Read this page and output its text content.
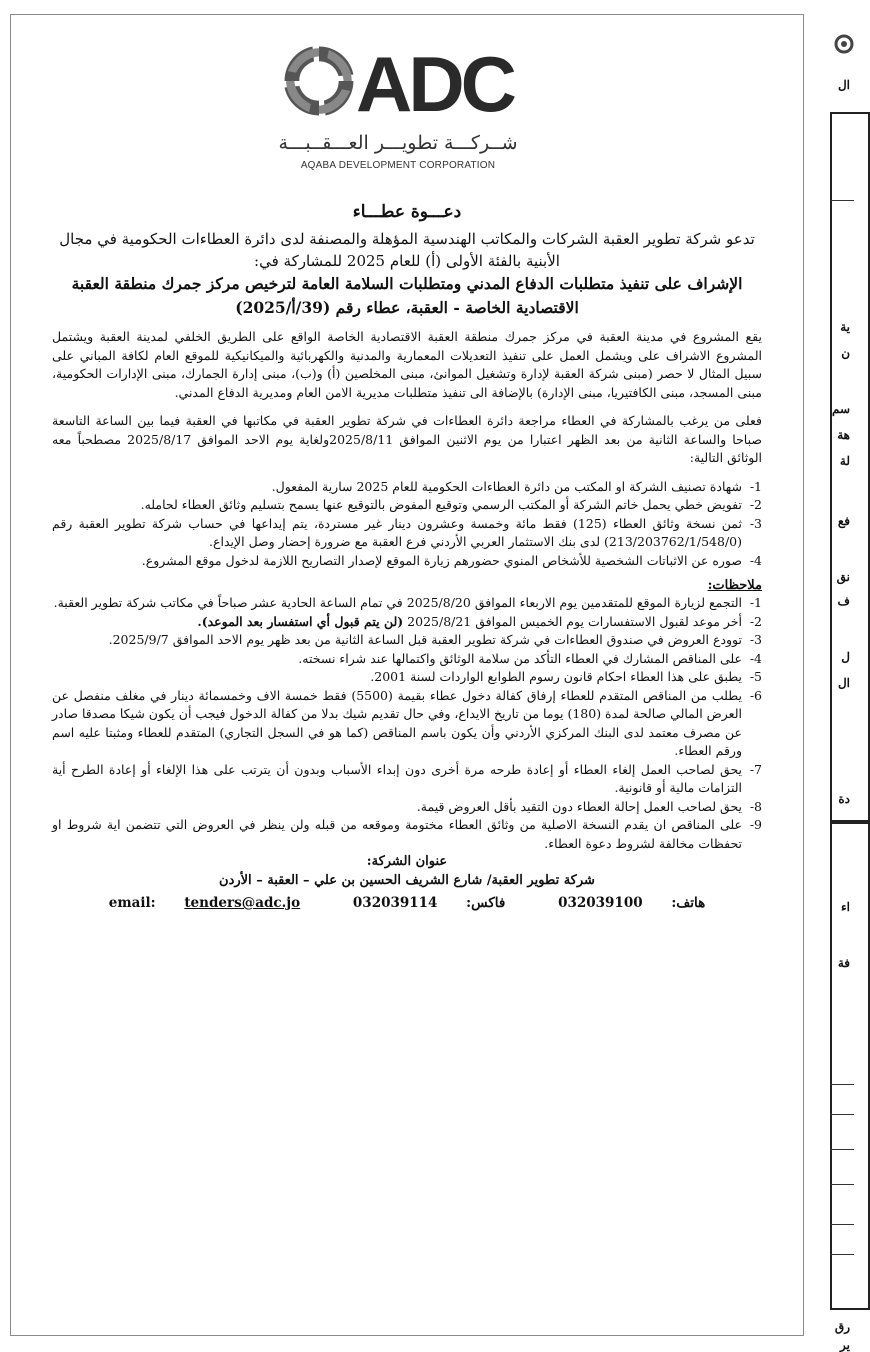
ال
ية
ن
سم
هة
لة
فع
نق
ف
ل
ال
دة
اء
فة
رق
ير
ADC
شــركـــة تطويـــر العـــقــبـــة
AQABA DEVELOPMENT CORPORATION

دعـــوة عطـــاء

تدعو شركة تطوير العقبة الشركات والمكاتب الهندسية المؤهلة والمصنفة لدى دائرة العطاءات الحكومية في مجال الأبنية بالفئة الأولى (أ) للعام 2025 للمشاركة في:

الإشراف على تنفيذ متطلبات الدفاع المدني ومتطلبات السلامة العامة لترخيص مركز جمرك منطقة العقبة الاقتصادية الخاصة - العقبة، عطاء رقم (39/أ/2025)

يقع المشروع في مدينة العقبة في مركز جمرك منطقة العقبة الاقتصادية الخاصة الواقع على الطريق الخلفي لمدينة العقبة ويشتمل المشروع الاشراف على ويشمل العمل على تنفيذ التعديلات المعمارية والمدنية والكهربائية والميكانيكية للموقع العام لكافة المباني على سبيل المثال لا حصر (مبنى شركة العقبة لإدارة وتشغيل الموانئ، مبنى المخلصين (أ) و(ب)، مبنى إدارة الجمارك، مبنى الإدارات الحكومية، مبنى المسجد، مبنى الكافتيريا، مبنى الإدارة) بالإضافة الى تنفيذ متطلبات مديرية الامن العام ومديرية الدفاع المدني.

فعلى من يرغب بالمشاركة في العطاء مراجعة دائرة العطاءات في شركة تطوير العقبة في مكاتبها في العقبة فيما بين الساعة التاسعة صباحا والساعة الثانية من بعد الظهر اعتبارا من يوم الاثنين الموافق 2025/8/11ولغاية يوم الاحد الموافق 2025/8/17 مصطحباً معه الوثائق التالية:

1-
شهادة تصنيف الشركة او المكتب من دائرة العطاءات الحكومية للعام 2025 سارية المفعول.
2-
تفويض خطي يحمل خاتم الشركة أو المكتب الرسمي وتوقيع المفوض بالتوقيع عنها يسمح بتسليم وثائق العطاء لحامله.
3-
ثمن نسخة وثائق العطاء (125) فقط مائة وخمسة وعشرون دينار غير مستردة، يتم إيداعها في حساب شركة تطوير العقبة رقم (213/203762/1/548/0) لدى بنك الاستثمار العربي الأردني فرع العقبة مع ضرورة إحضار وصل الإيداع.
4-
صوره عن الاثباتات الشخصية للأشخاص المنوي حضورهم زيارة الموقع لإصدار التصاريح اللازمة لدخول موقع المشروع.

ملاحظات:

1-
التجمع لزيارة الموقع للمتقدمين يوم الاربعاء الموافق 2025/8/20 في تمام الساعة الحادية عشر صباحاً في مكاتب شركة تطوير العقبة.
2-
أخر موعد لقبول الاستفسارات يوم الخميس الموافق 2025/8/21 (لن يتم قبول أي استفسار بعد الموعد).
3-
توودع العروض في صندوق العطاءات في شركة تطوير العقبة قبل الساعة الثانية من بعد ظهر يوم الاحد الموافق 2025/9/7.
4-
على المناقص المشارك في العطاء التأكد من سلامة الوثائق واكتمالها عند شراء نسخته.
5-
يطبق على هذا العطاء احكام قانون رسوم الطوابع الواردات لسنة 2001.
6-
يطلب من المناقص المتقدم للعطاء إرفاق كفالة دخول عطاء بقيمة (5500) فقط خمسة الاف وخمسمائة دينار في مغلف منفصل عن العرض المالي صالحة لمدة (180) يوما من تاريخ الايداع، وفي حال تقديم شيك بدلا من كفالة الدخول فيجب أن يكون شيكا مصدقا صادر عن مصرف معتمد لدى البنك المركزي الأردني وأن يكون باسم المناقص (كما هو في السجل التجاري) المتقدم للعطاء ومثبتا عليه اسم ورقم العطاء.
7-
يحق لصاحب العمل إلغاء العطاء أو إعادة طرحه مرة أخرى دون إبداء الأسباب وبدون أن يترتب على هذا الإلغاء أو إعادة الطرح أية التزامات مالية أو قانونية.
8-
يحق لصاحب العمل إحالة العطاء دون التقيد بأقل العروض قيمة.
9-
على المناقص ان يقدم النسخة الاصلية من وثائق العطاء مختومة وموقعه من قبله ولن ينظر في العروض التي تتضمن اية شروط او تحفظات مخالفة لشروط دعوة العطاء.

عنوان الشركة:

شركة تطوير العقبة/ شارع الشريف الحسين بن علي – العقبة – الأردن

هاتف: 032039100 فاكس: 032039114 email: tenders@adc.jo
